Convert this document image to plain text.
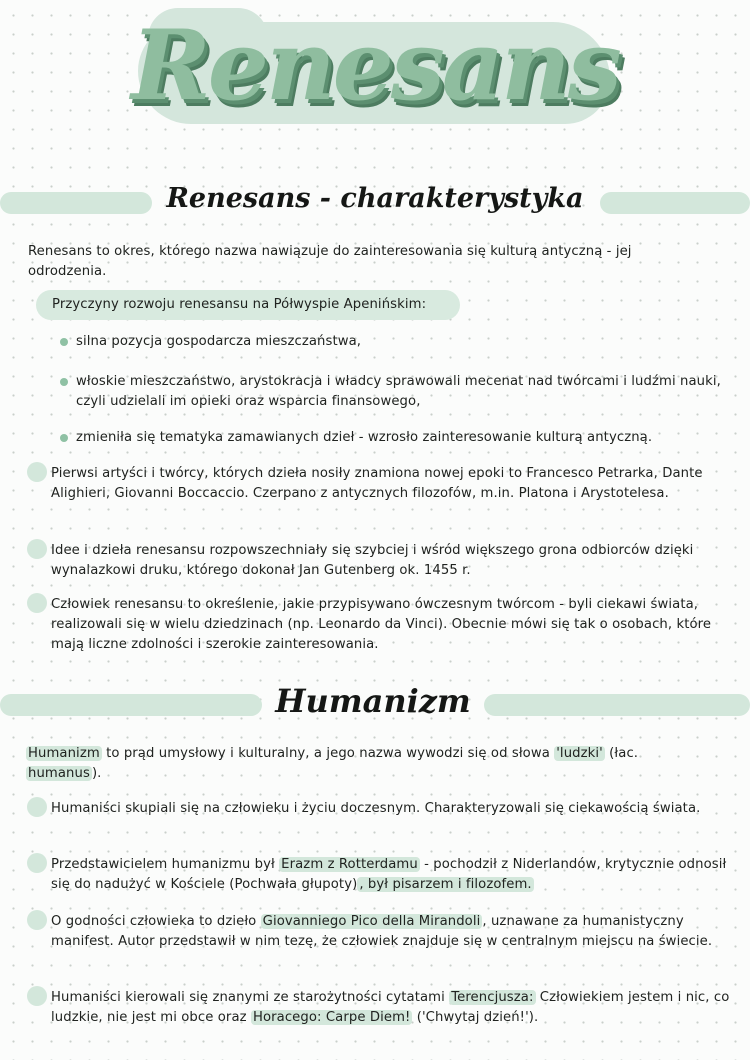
Renesans
Renesans - charakterystyka
Renesans to okres, którego nazwa nawiązuje do zainteresowania się kulturą antyczną - jej odrodzenia.
Przyczyny rozwoju renesansu na Półwyspie Apenińskim:
silna pozycja gospodarcza mieszczaństwa,
włoskie mieszczaństwo, arystokracja i władcy sprawowali mecenat nad twórcami i ludźmi nauki, czyli udzielali im opieki oraz wsparcia finansowego,
zmieniła się tematyka zamawianych dzieł - wzrosło zainteresowanie kulturą antyczną.
Pierwsi artyści i twórcy, których dzieła nosiły znamiona nowej epoki to Francesco Petrarka, Dante Alighieri, Giovanni Boccaccio. Czerpano z antycznych filozofów, m.in. Platona i Arystotelesa.
Idee i dzieła renesansu rozpowszechniały się szybciej i wśród większego grona odbiorców dzięki wynalazkowi druku, którego dokonał Jan Gutenberg ok. 1455 r.
Człowiek renesansu to określenie, jakie przypisywano ówczesnym twórcom - byli ciekawi świata, realizowali się w wielu dziedzinach (np. Leonardo da Vinci). Obecnie mówi się tak o osobach, które mają liczne zdolności i szerokie zainteresowania.
Humanizm
Humanizm to prąd umysłowy i kulturalny, a jego nazwa wywodzi się od słowa 'ludzki' (łac. humanus ).
Humaniści skupiali się na człowieku i życiu doczesnym. Charakteryzowali się ciekawością świata.
Przedstawicielem humanizmu był Erazm z Rotterdamu - pochodził z Niderlandów, krytycznie odnosił się do nadużyć w Kościele (Pochwała głupoty) , był pisarzem i filozofem.
O godności człowieka to dzieło Giovanniego Pico della Mirandoli , uznawane za humanistyczny manifest. Autor przedstawił w nim tezę, że człowiek znajduje się w centralnym miejscu na świecie.
Humaniści kierowali się znanymi ze starożytności cytatami Terencjusza: Człowiekiem jestem i nic, co ludzkie, nie jest mi obce oraz Horacego: Carpe Diem! ('Chwytaj dzień!').
